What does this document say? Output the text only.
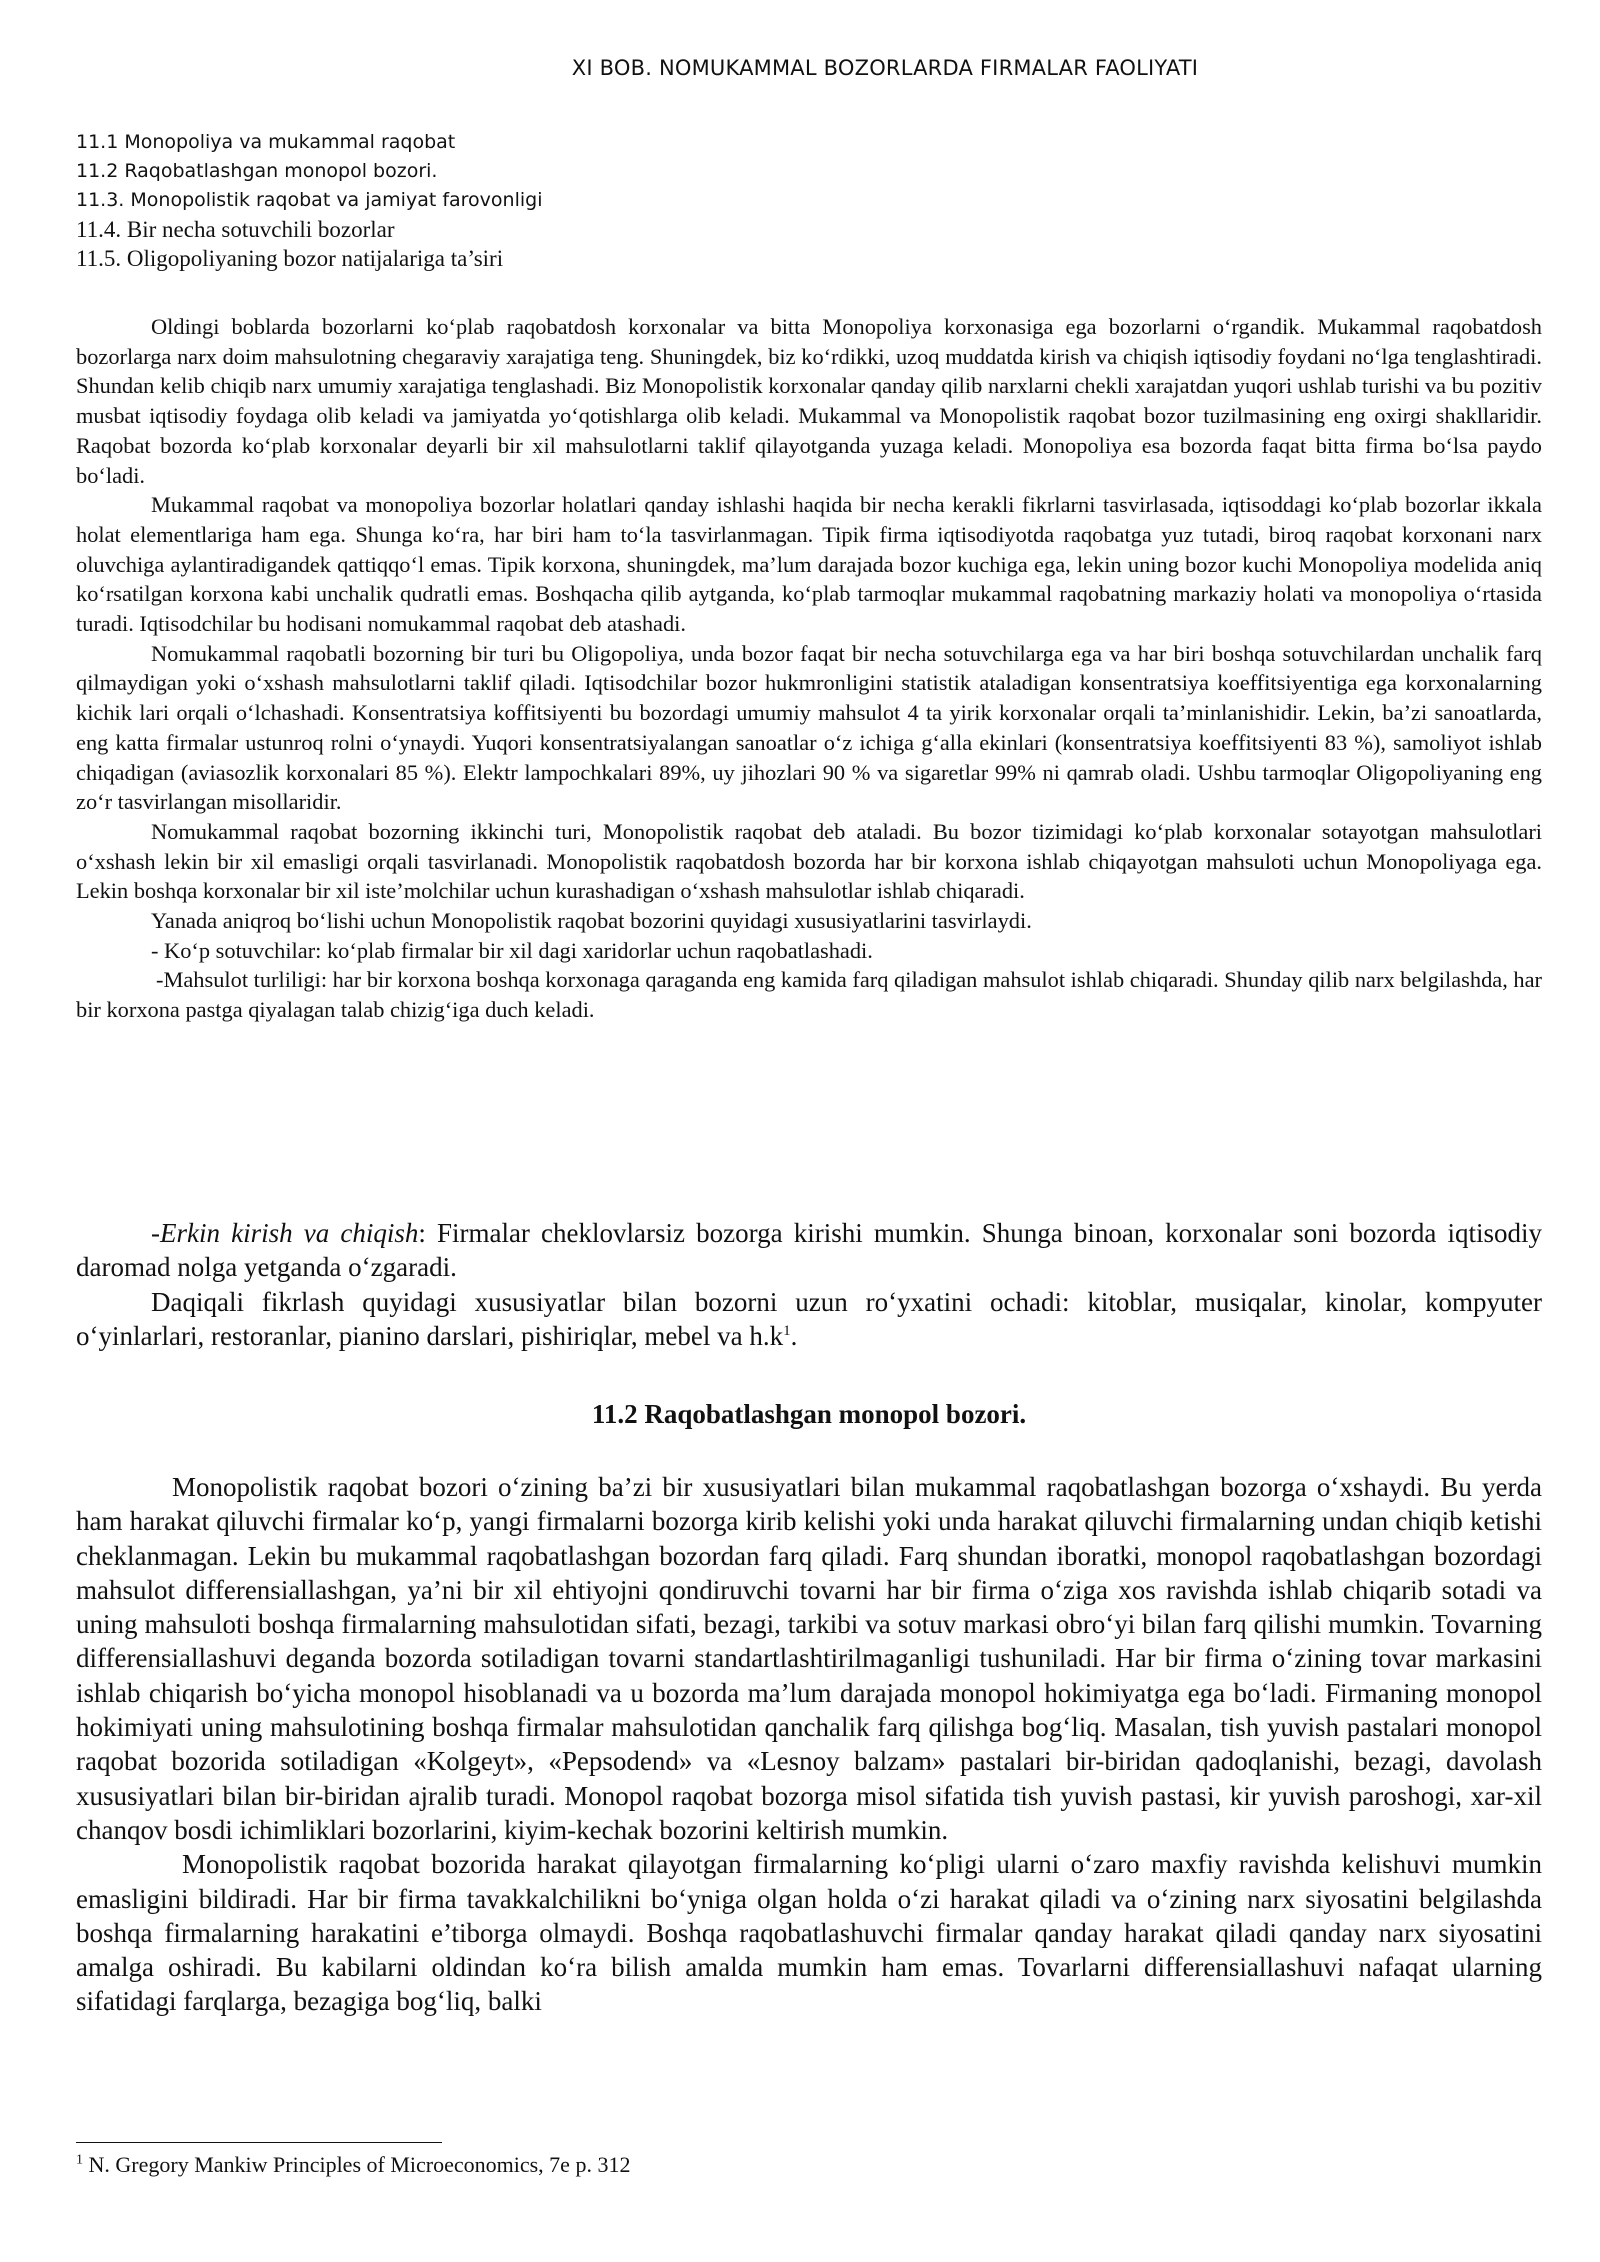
XI BOB. NOMUKAMMAL BOZORLARDA FIRMALAR FAOLIYATI
11.1 Monopoliya va mukammal raqobat
11.2 Raqobatlashgan monopol bozori.
11.3. Monopolistik raqobat va jamiyat farovonligi
11.4. Bir necha sotuvchili bozorlar
11.5. Oligopoliyaning bozor natijalariga ta’siri

Oldingi boblarda bozorlarni ko‘plab raqobatdosh korxonalar va bitta Monopoliya korxonasiga ega bozorlarni o‘rgandik. Mukammal raqobatdosh bozorlarga narx doim mahsulotning chegaraviy xarajatiga teng. Shuningdek, biz ko‘rdikki, uzoq muddatda kirish va chiqish iqtisodiy foydani no‘lga tenglashtiradi. Shundan kelib chiqib narx umumiy xarajatiga tenglashadi. Biz Monopolistik korxonalar qanday qilib narxlarni chekli xarajatdan yuqori ushlab turishi va bu pozitiv musbat iqtisodiy foydaga olib keladi va jamiyatda yo‘qotishlarga olib keladi. Mukammal va Monopolistik raqobat bozor tuzilmasining eng oxirgi shakllaridir. Raqobat bozorda ko‘plab korxonalar deyarli bir xil mahsulotlarni taklif qilayotganda yuzaga keladi. Monopoliya esa bozorda faqat bitta firma bo‘lsa paydo bo‘ladi.

Mukammal raqobat va monopoliya bozorlar holatlari qanday ishlashi haqida bir necha kerakli fikrlarni tasvirlasada, iqtisoddagi ko‘plab bozorlar ikkala holat elementlariga ham ega. Shunga ko‘ra, har biri ham to‘la tasvirlanmagan. Tipik firma iqtisodiyotda raqobatga yuz tutadi, biroq raqobat korxonani narx oluvchiga aylantiradigandek qattiqqo‘l emas. Tipik korxona, shuningdek, ma’lum darajada bozor kuchiga ega, lekin uning bozor kuchi Monopoliya modelida aniq ko‘rsatilgan korxona kabi unchalik qudratli emas. Boshqacha qilib aytganda, ko‘plab tarmoqlar mukammal raqobatning markaziy holati va monopoliya o‘rtasida turadi. Iqtisodchilar bu hodisani nomukammal raqobat deb atashadi.

Nomukammal raqobatli bozorning bir turi bu Oligopoliya, unda bozor faqat bir necha sotuvchilarga ega va har biri boshqa sotuvchilardan unchalik farq qilmaydigan yoki o‘xshash mahsulotlarni taklif qiladi. Iqtisodchilar bozor hukmronligini statistik ataladigan konsentratsiya koeffitsiyentiga ega korxonalarning kichik lari orqali o‘lchashadi. Konsentratsiya koffitsiyenti bu bozordagi umumiy mahsulot 4 ta yirik korxonalar orqali ta’minlanishidir. Lekin, ba’zi sanoatlarda, eng katta firmalar ustunroq rolni o‘ynaydi. Yuqori konsentratsiyalangan sanoatlar o‘z ichiga g‘alla ekinlari (konsentratsiya koeffitsiyenti 83 %), samoliyot ishlab chiqadigan (aviasozlik korxonalari 85 %). Elektr lampochkalari 89%, uy jihozlari 90 % va sigaretlar 99% ni qamrab oladi. Ushbu tarmoqlar Oligopoliyaning eng zo‘r tasvirlangan misollaridir.

Nomukammal raqobat bozorning ikkinchi turi, Monopolistik raqobat deb ataladi. Bu bozor tizimidagi ko‘plab korxonalar sotayotgan mahsulotlari o‘xshash lekin bir xil emasligi orqali tasvirlanadi. Monopolistik raqobatdosh bozorda har bir korxona ishlab chiqayotgan mahsuloti uchun Monopoliyaga ega. Lekin boshqa korxonalar bir xil iste’molchilar uchun kurashadigan o‘xshash mahsulotlar ishlab chiqaradi.

Yanada aniqroq bo‘lishi uchun Monopolistik raqobat bozorini quyidagi xususiyatlarini tasvirlaydi.

- Ko‘p sotuvchilar: ko‘plab firmalar bir xil dagi xaridorlar uchun raqobatlashadi.

-Mahsulot turliligi: har bir korxona boshqa korxonaga qaraganda eng kamida farq qiladigan mahsulot ishlab chiqaradi. Shunday qilib narx belgilashda, har bir korxona pastga qiyalagan talab chizig‘iga duch keladi.

-Erkin kirish va chiqish: Firmalar cheklovlarsiz bozorga kirishi mumkin. Shunga binoan, korxonalar soni bozorda iqtisodiy daromad nolga yetganda o‘zgaradi.

Daqiqali fikrlash quyidagi xususiyatlar bilan bozorni uzun ro‘yxatini ochadi: kitoblar, musiqalar, kinolar, kompyuter o‘yinlarlari, restoranlar, pianino darslari, pishiriqlar, mebel va $h.k^1$.

11.2 Raqobatlashgan monopol bozori.

Monopolistik raqobat bozori o‘zining ba’zi bir xususiyatlari bilan mukammal raqobatlashgan bozorga o‘xshaydi. Bu yerda ham harakat qiluvchi firmalar ko‘p, yangi firmalarni bozorga kirib kelishi yoki unda harakat qiluvchi firmalarning undan chiqib ketishi cheklanmagan. Lekin bu mukammal raqobatlashgan bozordan farq qiladi. Farq shundan iboratki, monopol raqobatlashgan bozordagi mahsulot differensiallashgan, ya’ni bir xil ehtiyojni qondiruvchi tovarni har bir firma o‘ziga xos ravishda ishlab chiqarib sotadi va uning mahsuloti boshqa firmalarning mahsulotidan sifati, bezagi, tarkibi va sotuv markasi obro‘yi bilan farq qilishi mumkin. Tovarning differensiallashuvi deganda bozorda sotiladigan tovarni standartlashtirilmaganligi tushuniladi. Har bir firma o‘zining tovar markasini ishlab chiqarish bo‘yicha monopol hisoblanadi va u bozorda ma’lum darajada monopol hokimiyatga ega bo‘ladi. Firmaning monopol hokimiyati uning mahsulotining boshqa firmalar mahsulotidan qanchalik farq qilishga bog‘liq. Masalan, tish yuvish pastalari monopol raqobat bozorida sotiladigan «Kolgeyt», «Pepsodend» va «Lesnoy balzam» pastalari bir-biridan qadoqlanishi, bezagi, davolash xususiyatlari bilan bir-biridan ajralib turadi. Monopol raqobat bozorga misol sifatida tish yuvish pastasi, kir yuvish paroshogi, xar-xil chanqov bosdi ichimliklari bozorlarini, kiyim-kechak bozorini keltirish mumkin.

Monopolistik raqobat bozorida harakat qilayotgan firmalarning ko‘pligi ularni o‘zaro maxfiy ravishda kelishuvi mumkin emasligini bildiradi. Har bir firma tavakkalchilikni bo‘yniga olgan holda o‘zi harakat qiladi va o‘zining narx siyosatini belgilashda boshqa firmalarning harakatini e’tiborga olmaydi. Boshqa raqobatlashuvchi firmalar qanday harakat qiladi qanday narx siyosatini amalga oshiradi. Bu kabilarni oldindan ko‘ra bilish amalda mumkin ham emas. Tovarlarni differensiallashuvi nafaqat ularning sifatidagi farqlarga, bezagiga bog‘liq, balki

$^1$ N. Gregory Mankiw Principles of Microeconomics, 7e p. 312
